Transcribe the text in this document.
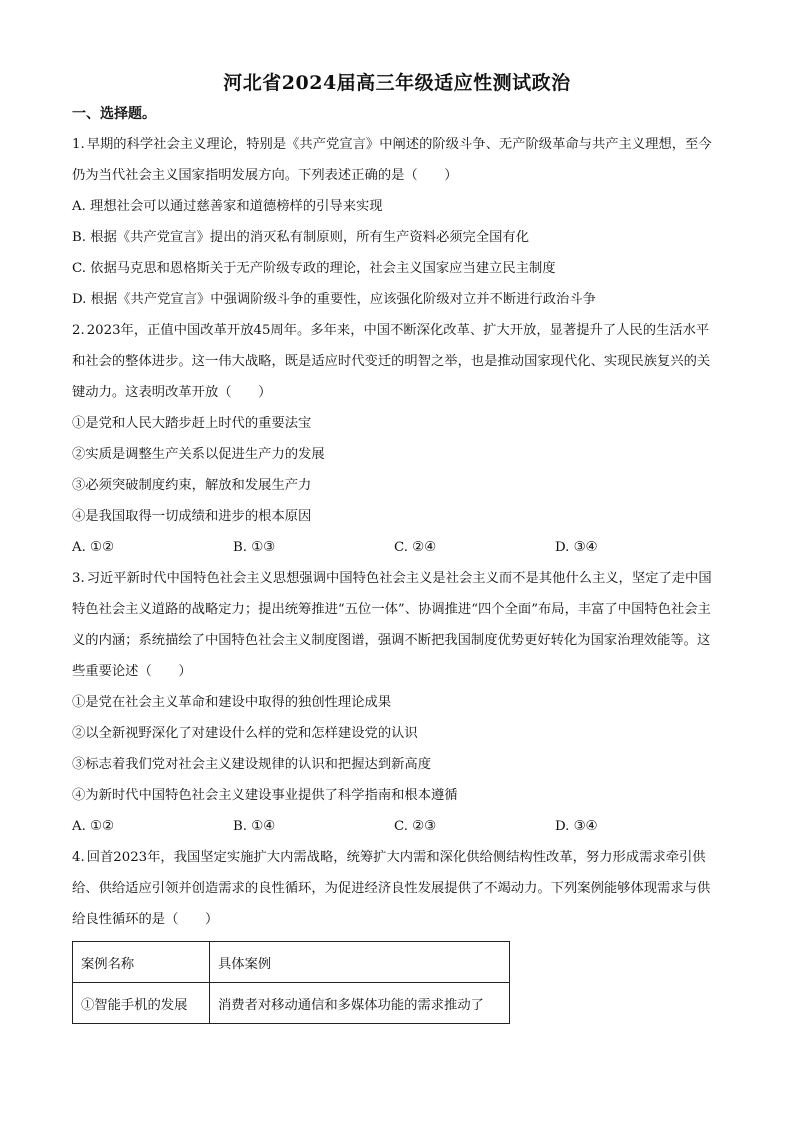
河北省2024届高三年级适应性测试政治
一、选择题。

1. 早期的科学社会主义理论，特别是《共产党宣言》中阐述的阶级斗争、无产阶级革命与共产主义理想，至今仍为当代社会主义国家指明发展方向。下列表述正确的是（　　）

A. 理想社会可以通过慈善家和道德榜样的引导来实现

B. 根据《共产党宣言》提出的消灭私有制原则，所有生产资料必须完全国有化

C. 依据马克思和恩格斯关于无产阶级专政的理论，社会主义国家应当建立民主制度

D. 根据《共产党宣言》中强调阶级斗争的重要性，应该强化阶级对立并不断进行政治斗争

2. 2023年，正值中国改革开放45周年。多年来，中国不断深化改革、扩大开放，显著提升了人民的生活水平和社会的整体进步。这一伟大战略，既是适应时代变迁的明智之举，也是推动国家现代化、实现民族复兴的关键动力。这表明改革开放（　　）

①是党和人民大踏步赶上时代的重要法宝

②实质是调整生产关系以促进生产力的发展

③必须突破制度约束，解放和发展生产力

④是我国取得一切成绩和进步的根本原因

A. ①②	B. ①③	C. ②④	D. ③④

3. 习近平新时代中国特色社会主义思想强调中国特色社会主义是社会主义而不是其他什么主义，坚定了走中国特色社会主义道路的战略定力；提出统筹推进“五位一体”、协调推进“四个全面”布局，丰富了中国特色社会主义的内涵；系统描绘了中国特色社会主义制度图谱，强调不断把我国制度优势更好转化为国家治理效能等。这些重要论述（　　）

①是党在社会主义革命和建设中取得的独创性理论成果

②以全新视野深化了对建设什么样的党和怎样建设党的认识

③标志着我们党对社会主义建设规律的认识和把握达到新高度

④为新时代中国特色社会主义建设事业提供了科学指南和根本遵循

A. ①②	B. ①④	C. ②③	D. ③④

4. 回首2023年，我国坚定实施扩大内需战略，统筹扩大内需和深化供给侧结构性改革，努力形成需求牵引供给、供给适应引领并创造需求的良性循环，为促进经济良性发展提供了不竭动力。下列案例能够体现需求与供给良性循环的是（　　）

案例名称	具体案例
①智能手机的发展	消费者对移动通信和多媒体功能的需求推动了
